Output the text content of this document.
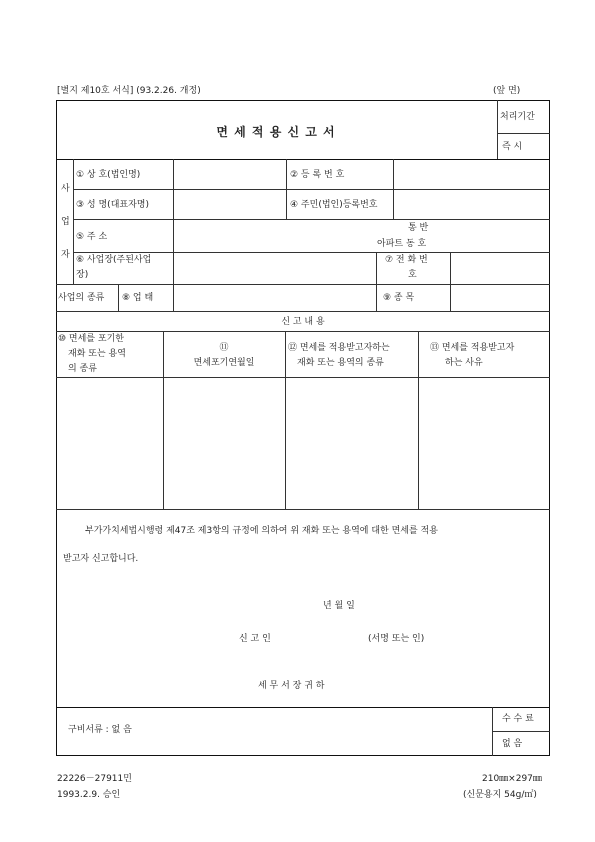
[별지 제10호 서식] (93.2.26. 개정)	(앞 면)
면 세 적 용 신 고 서
처리기간
즉 시
사
업
자
① 상 호(법인명)	② 등 록 번 호
③ 성 명(대표자명)	④ 주민(법인)등록번호
⑤ 주 소
통 반
아파트 동 호
⑥ 사업장(주된사업
장)
⑦ 전 화 번
호
사업의 종류 ⑧ 업 태	⑨ 종 목
신 고 내 용
⑩ 면세를 포기한
재화 또는 용역
의 종류
⑪
면세포기연월일
⑫ 면세를 적용받고자하는
재화 또는 용역의 종류
⑬ 면세를 적용받고자
하는 사유
부가가치세법시행령 제47조 제3항의 규정에 의하여 위 재화 또는 용역에 대한 면세를 적용
받고자 신고합니다.
년 월 일
신 고 인	(서명 또는 인)
세 무 서 장 귀 하
구비서류 : 없 음
수 수 료
없 음
22226－27911민
1993.2.9. 승인
210㎜×297㎜
(신문용지 54g/㎡)
